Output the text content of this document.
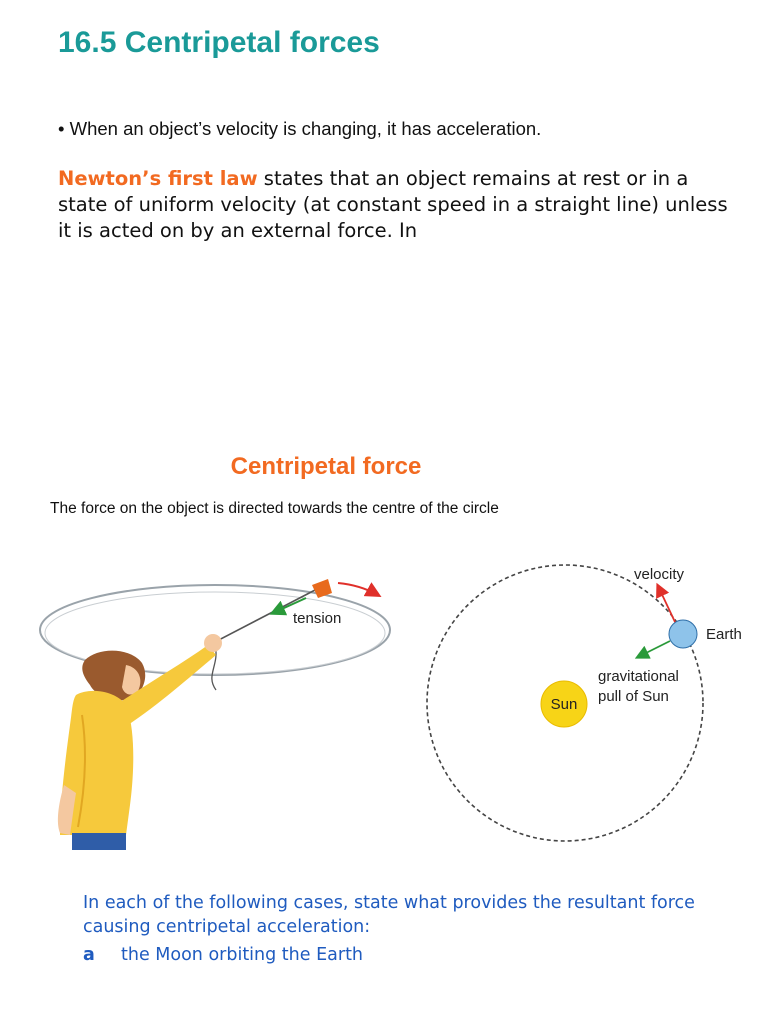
16.5 Centripetal forces
• When an object’s velocity is changing, it has acceleration.
Newton’s first law states that an object remains at rest or in a state of uniform velocity (at constant speed in a straight line) unless it is acted on by an external force. In
Centripetal force
The force on the object is directed towards the centre of the circle
tension
Sun
Earth
velocity
gravitational
pull of Sun
In each of the following cases, state what provides the resultant force causing centripetal acceleration:
a the Moon orbiting the Earth
